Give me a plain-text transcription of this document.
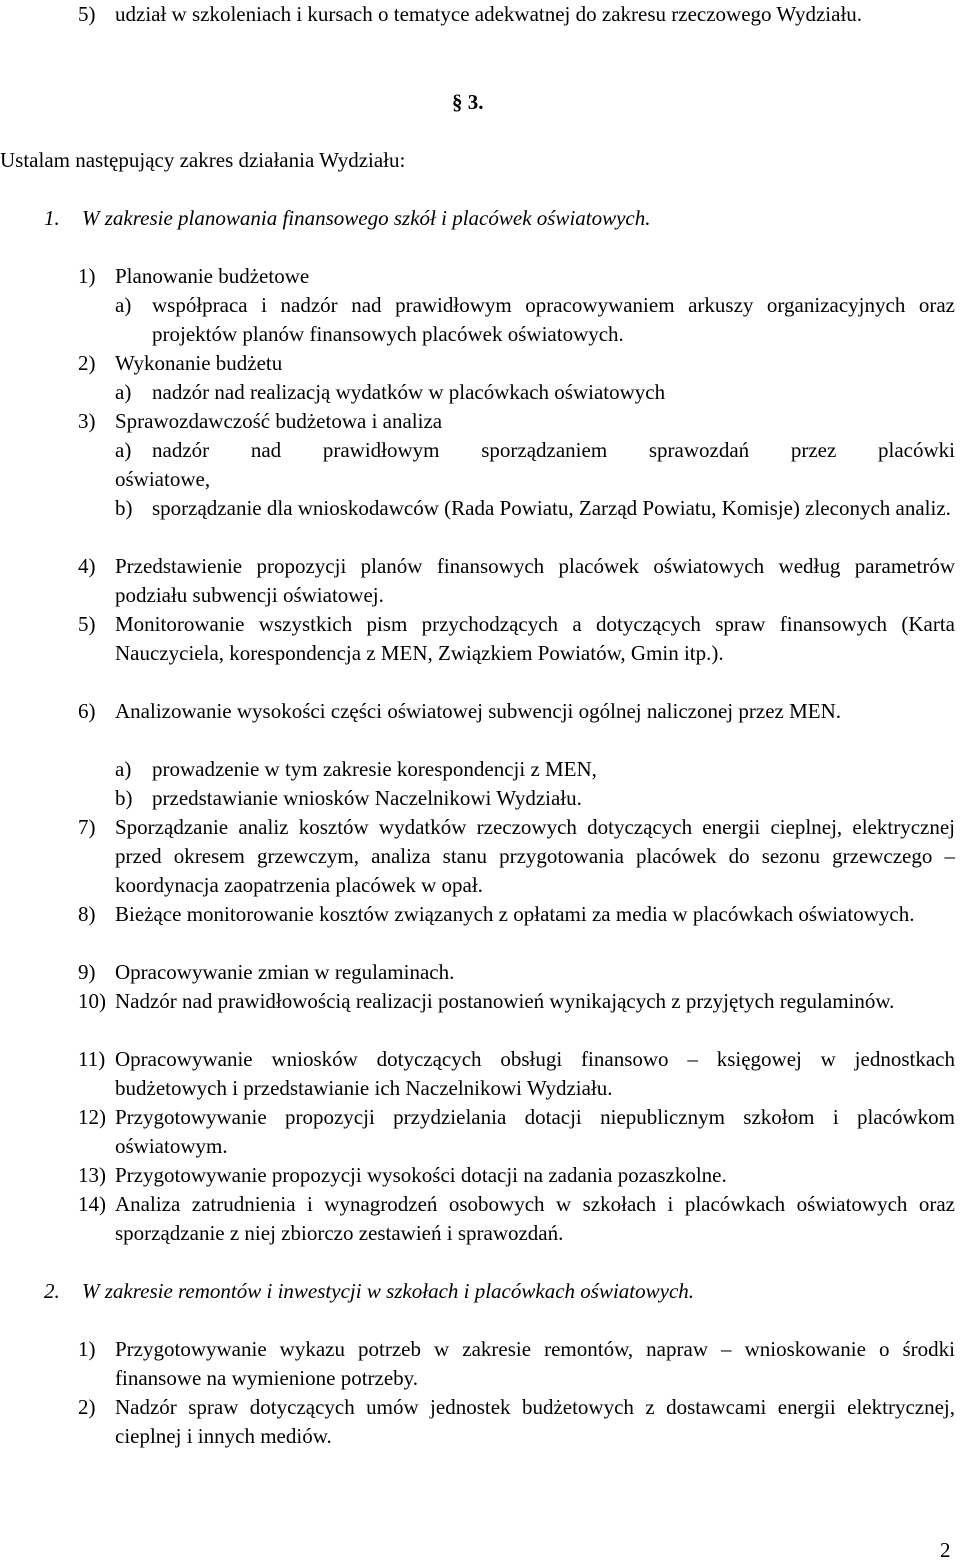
5) udział w szkoleniach i kursach o tematyce adekwatnej do zakresu rzeczowego Wydziału.
§ 3.
Ustalam następujący zakres działania Wydziału:
1.	W zakresie planowania finansowego szkół i placówek oświatowych.
1) Planowanie budżetowe
a) współpraca i nadzór nad prawidłowym opracowywaniem arkuszy organizacyjnych oraz projektów planów finansowych placówek oświatowych.
2) Wykonanie budżetu
a) nadzór nad realizacją wydatków w placówkach oświatowych
3) Sprawozdawczość budżetowa i analiza
a) nadzór nad prawidłowym sporządzaniem sprawozdań przez placówki
oświatowe,
b) sporządzanie dla wnioskodawców (Rada Powiatu, Zarząd Powiatu, Komisje) zleconych analiz.
4) Przedstawienie propozycji planów finansowych placówek oświatowych według parametrów podziału subwencji oświatowej.
5) Monitorowanie wszystkich pism przychodzących a dotyczących spraw finansowych (Karta Nauczyciela, korespondencja z MEN, Związkiem Powiatów, Gmin itp.).
6) Analizowanie wysokości części oświatowej subwencji ogólnej naliczonej przez MEN.
a) prowadzenie w tym zakresie korespondencji z MEN,
b) przedstawianie wniosków Naczelnikowi Wydziału.
7) Sporządzanie analiz kosztów wydatków rzeczowych dotyczących energii cieplnej, elektrycznej przed okresem grzewczym, analiza stanu przygotowania placówek do sezonu grzewczego – koordynacja zaopatrzenia placówek w opał.
8) Bieżące monitorowanie kosztów związanych z opłatami za media w placówkach oświatowych.
9) Opracowywanie zmian w regulaminach.
10) Nadzór nad prawidłowością realizacji postanowień wynikających z przyjętych regulaminów.
11) Opracowywanie wniosków dotyczących obsługi finansowo – księgowej w jednostkach budżetowych i przedstawianie ich Naczelnikowi Wydziału.
12) Przygotowywanie propozycji przydzielania dotacji niepublicznym szkołom i placówkom oświatowym.
13) Przygotowywanie propozycji wysokości dotacji na zadania pozaszkolne.
14) Analiza zatrudnienia i wynagrodzeń osobowych w szkołach i placówkach oświatowych oraz sporządzanie z niej zbiorczo zestawień i sprawozdań.
2.	W zakresie remontów i inwestycji w szkołach i placówkach oświatowych.
1) Przygotowywanie wykazu potrzeb w zakresie remontów, napraw – wnioskowanie o środki finansowe na wymienione potrzeby.
2) Nadzór spraw dotyczących umów jednostek budżetowych z dostawcami energii elektrycznej, cieplnej i innych mediów.
2
